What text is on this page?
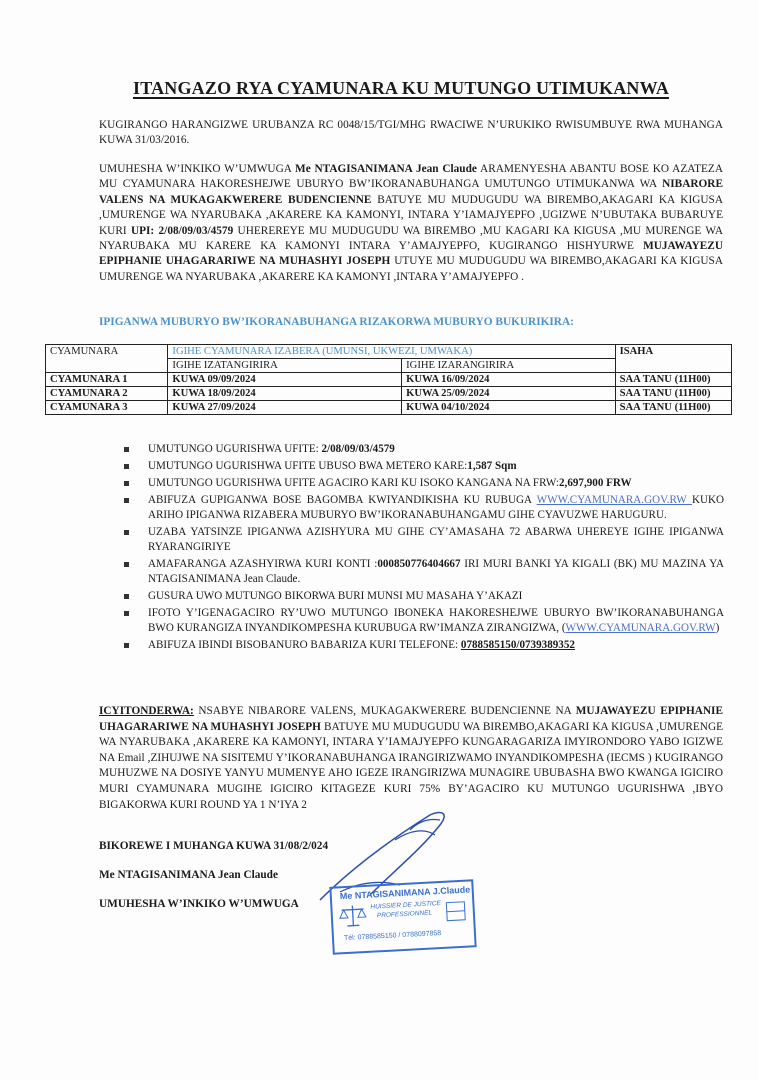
ITANGAZO RYA CYAMUNARA KU MUTUNGO UTIMUKANWA
KUGIRANGO HARANGIZWE URUBANZA RC 0048/15/TGI/MHG RWACIWE N’URUKIKO RWISUMBUYE RWA MUHANGA KUWA 31/03/2016.
UMUHESHA W’INKIKO W’UMWUGA Me NTAGISANIMANA Jean Claude ARAMENYESHA ABANTU BOSE KO AZATEZA MU CYAMUNARA HAKORESHEJWE UBURYO BW’IKORANABUHANGA UMUTUNGO UTIMUKANWA WA NIBARORE VALENS NA MUKAGAKWERERE BUDENCIENNE BATUYE MU MUDUGUDU WA BIREMBO,AKAGARI KA KIGUSA ,UMURENGE WA NYARUBAKA ,AKARERE KA KAMONYI, INTARA Y’IAMAJYEPFO ,UGIZWE N’UBUTAKA BUBARUYE KURI UPI: 2/08/09/03/4579 UHEREREYE MU MUDUGUDU WA BIREMBO ,MU KAGARI KA KIGUSA ,MU MURENGE WA NYARUBAKA MU KARERE KA KAMONYI INTARA Y’AMAJYEPFO, KUGIRANGO HISHYURWE MUJAWAYEZU EPIPHANIE UHAGARARIWE NA MUHASHYI JOSEPH UTUYE MU MUDUGUDU WA BIREMBO,AKAGARI KA KIGUSA UMURENGE WA NYARUBAKA ,AKARERE KA KAMONYI ,INTARA Y’AMAJYEPFO .
IPIGANWA MUBURYO BW’IKORANABUHANGA RIZAKORWA MUBURYO BUKURIKIRA:
CYAMUNARA	IGIHE CYAMUNARA IZABERA (UMUNSI, UKWEZI, UMWAKA)		ISAHA
	IGIHE IZATANGIRIRA	IGIHE IZARANGIRIRA	
CYAMUNARA 1	KUWA 09/09/2024	KUWA 16/09/2024	SAA TANU (11H00)
CYAMUNARA 2	KUWA 18/09/2024	KUWA 25/09/2024	SAA TANU (11H00)
CYAMUNARA 3	KUWA 27/09/2024	KUWA 04/10/2024	SAA TANU (11H00)
UMUTUNGO UGURISHWA UFITE: 2/08/09/03/4579
UMUTUNGO UGURISHWA UFITE UBUSO BWA METERO KARE:1,587 Sqm
UMUTUNGO UGURISHWA UFITE AGACIRO KARI KU ISOKO KANGANA NA FRW:2,697,900 FRW
ABIFUZA GUPIGANWA BOSE BAGOMBA KWIYANDIKISHA KU RUBUGA WWW.CYAMUNARA.GOV.RW KUKO ARIHO IPIGANWA RIZABERA MUBURYO BW’IKORANABUHANGAMU GIHE CYAVUZWE HARUGURU.
UZABA YATSINZE IPIGANWA AZISHYURA MU GIHE CY’AMASAHA 72 ABARWA UHEREYE IGIHE IPIGANWA RYARANGIRIYE
AMAFARANGA AZASHYIRWA KURI KONTI :000850776404667 IRI MURI BANKI YA KIGALI (BK) MU MAZINA YA NTAGISANIMANA Jean Claude.
GUSURA UWO MUTUNGO BIKORWA BURI MUNSI MU MASAHA Y’AKAZI
IFOTO Y’IGENAGACIRO RY’UWO MUTUNGO IBONEKA HAKORESHEJWE UBURYO BW’IKORANABUHANGA BWO KURANGIZA INYANDIKOMPESHA KURUBUGA RW’IMANZA ZIRANGIZWA, (WWW.CYAMUNARA.GOV.RW)
ABIFUZA IBINDI BISOBANURO BABARIZA KURI TELEFONE: 0788585150/0739389352
ICYITONDERWA: NSABYE NIBARORE VALENS, MUKAGAKWERERE BUDENCIENNE NA MUJAWAYEZU EPIPHANIE UHAGARARIWE NA MUHASHYI JOSEPH BATUYE MU MUDUGUDU WA BIREMBO,AKAGARI KA KIGUSA ,UMURENGE WA NYARUBAKA ,AKARERE KA KAMONYI, INTARA Y’IAMAJYEPFO KUNGARAGARIZA IMYIRONDORO YABO IGIZWE NA Email ,ZIHUJWE NA SISITEMU Y’IKORANABUHANGA IRANGIRIZWAMO INYANDIKOMPESHA (IECMS ) KUGIRANGO MUHUZWE NA DOSIYE YANYU MUMENYE AHO IGEZE IRANGIRIZWA MUNAGIRE UBUBASHA BWO KWANGA IGICIRO MURI CYAMUNARA MUGIHE IGICIRO KITAGEZE KURI 75% BY’AGACIRO KU MUTUNGO UGURISHWA ,IBYO BIGAKORWA KURI ROUND YA 1 N’IYA 2
BIKOREWE I MUHANGA KUWA 31/08/2/024
Me NTAGISANIMANA Jean Claude
UMUHESHA W’INKIKO W’UMWUGA
Me NTAGISANIMANA J.Claude
HUISSIER DE JUSTICE
PROFESSIONNEL
Tél: 0788585150 / 0788097858
